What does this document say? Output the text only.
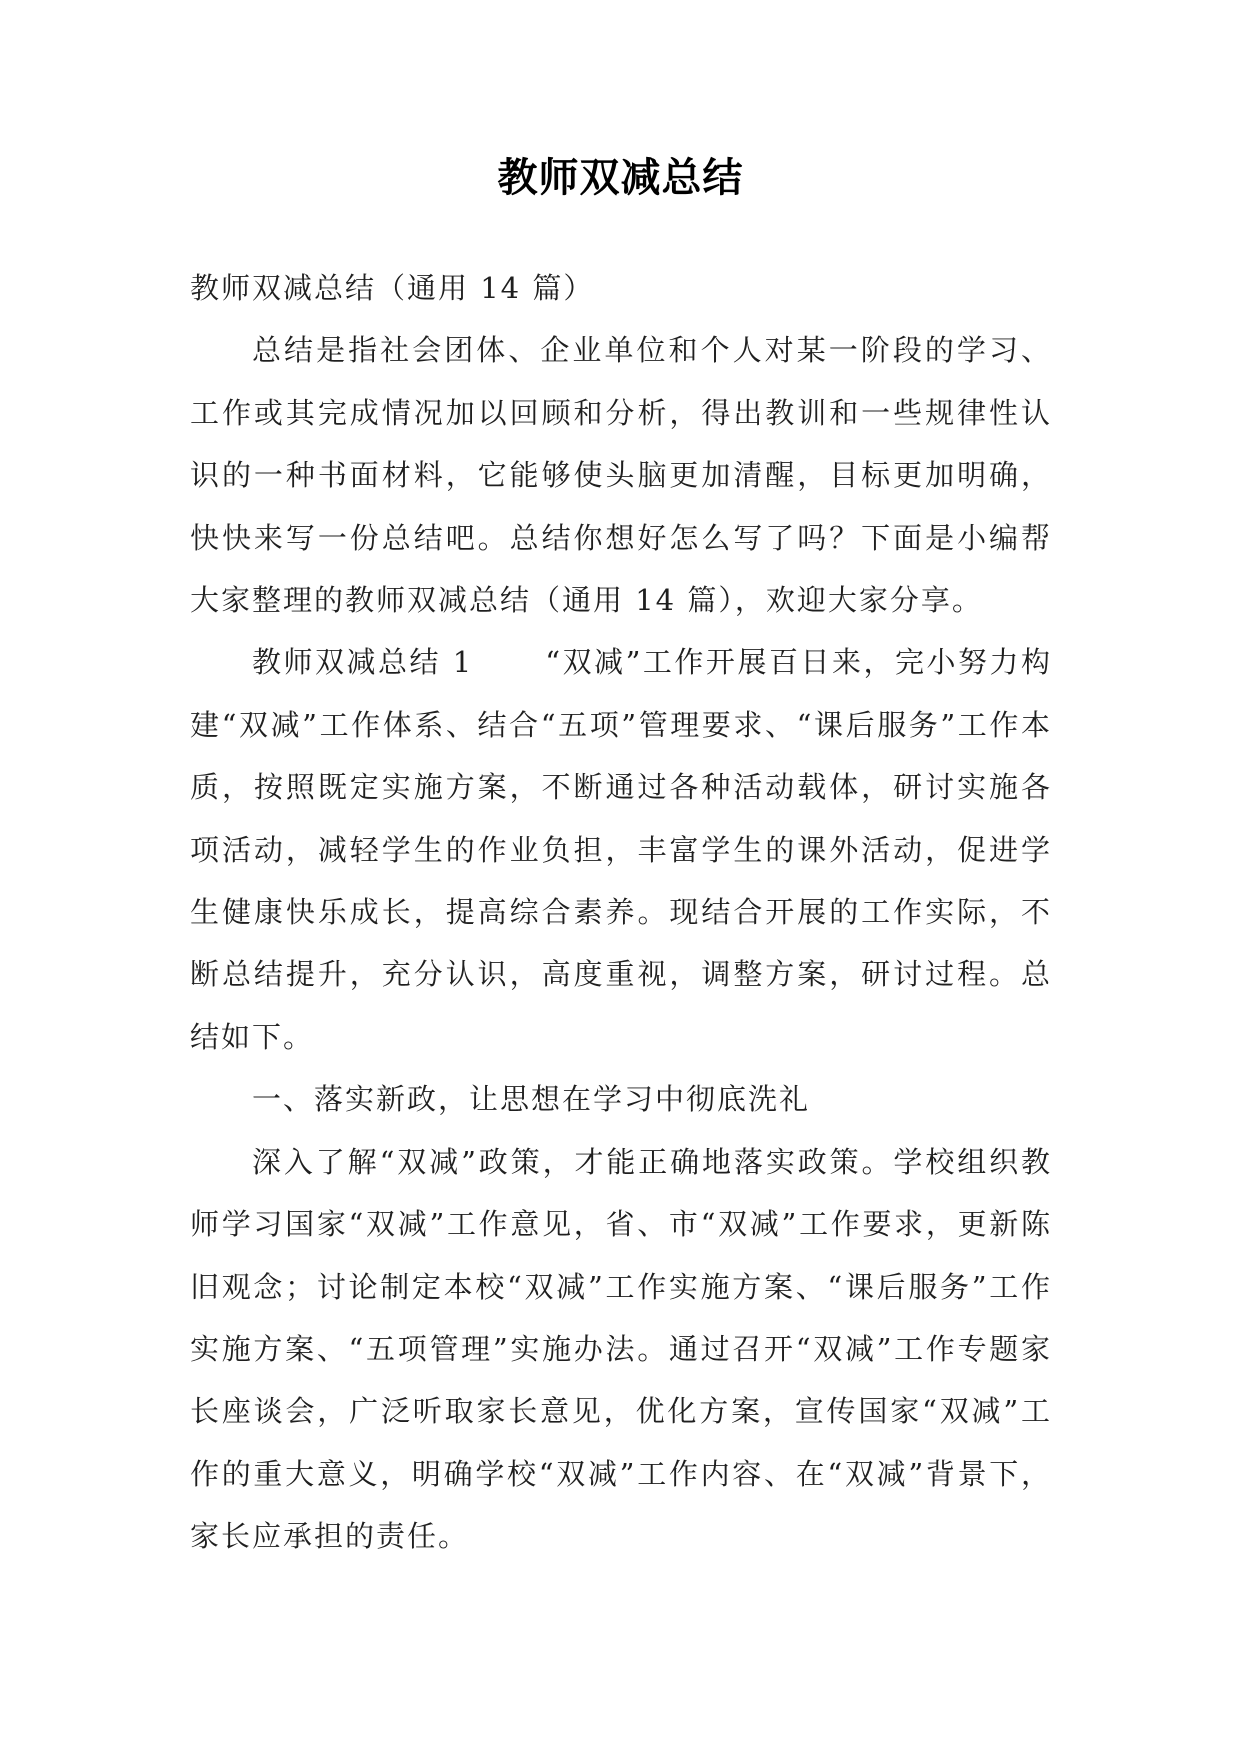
教师双减总结

教师双减总结（通用 14 篇）

总结是指社会团体、企业单位和个人对某一阶段的学习、工作或其完成情况加以回顾和分析，得出教训和一些规律性认识的一种书面材料，它能够使头脑更加清醒，目标更加明确，快快来写一份总结吧。总结你想好怎么写了吗？下面是小编帮大家整理的教师双减总结（通用 14 篇），欢迎大家分享。

教师双减总结 1 “双减”工作开展百日来，完小努力构建“双减”工作体系、结合“五项”管理要求、“课后服务”工作本质，按照既定实施方案，不断通过各种活动载体，研讨实施各项活动，减轻学生的作业负担，丰富学生的课外活动，促进学生健康快乐成长，提高综合素养。现结合开展的工作实际，不断总结提升，充分认识，高度重视，调整方案，研讨过程。总结如下。

一、落实新政，让思想在学习中彻底洗礼

深入了解“双减”政策，才能正确地落实政策。学校组织教师学习国家“双减”工作意见，省、市“双减”工作要求，更新陈旧观念；讨论制定本校“双减”工作实施方案、“课后服务”工作实施方案、“五项管理”实施办法。通过召开“双减”工作专题家长座谈会，广泛听取家长意见，优化方案，宣传国家“双减”工作的重大意义，明确学校“双减”工作内容、在“双减”背景下，家长应承担的责任。
